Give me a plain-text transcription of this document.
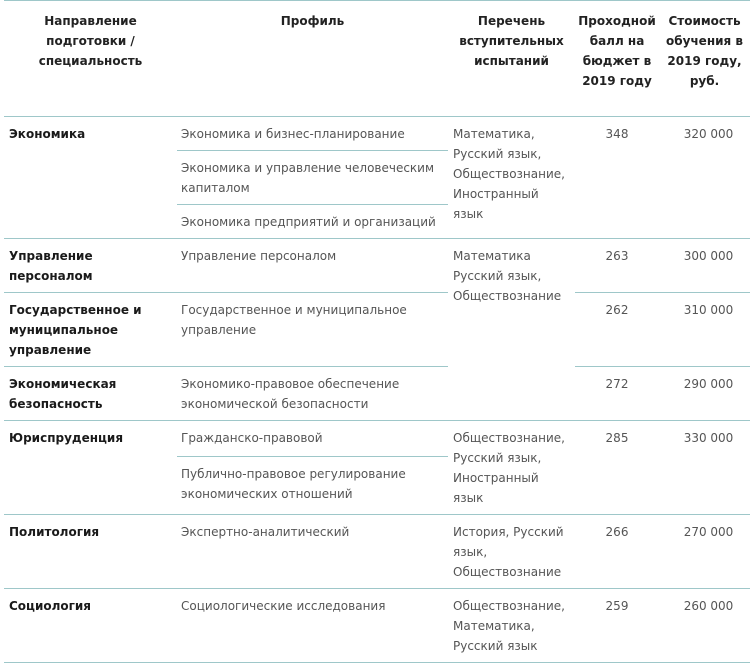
Направление подготовки / специальность	Профиль	Перечень вступительных испытаний	Проходной балл на бюджет в 2019 году	Стоимость обучения в 2019 году, руб.
Экономика	Экономика и бизнес-планирование	Математика, Русский язык, Обществознание, Иностранный язык	348	320 000
	Экономика и управление человеческим капиталом			
	Экономика предприятий и организаций			
Управление персоналом	Управление персоналом	Математика Русский язык, Обществознание	263	300 000
Государственное и муниципальное управление	Государственное и муниципальное управление		262	310 000
Экономическая безопасность	Экономико-правовое обеспечение экономической безопасности		272	290 000
Юриспруденция	Гражданско-правовой	Обществознание, Русский язык, Иностранный язык	285	330 000
	Публично-правовое регулирование экономических отношений			
Политология	Экспертно-аналитический	История, Русский язык, Обществознание	266	270 000
Социология	Социологические исследования	Обществознание, Математика, Русский язык	259	260 000
